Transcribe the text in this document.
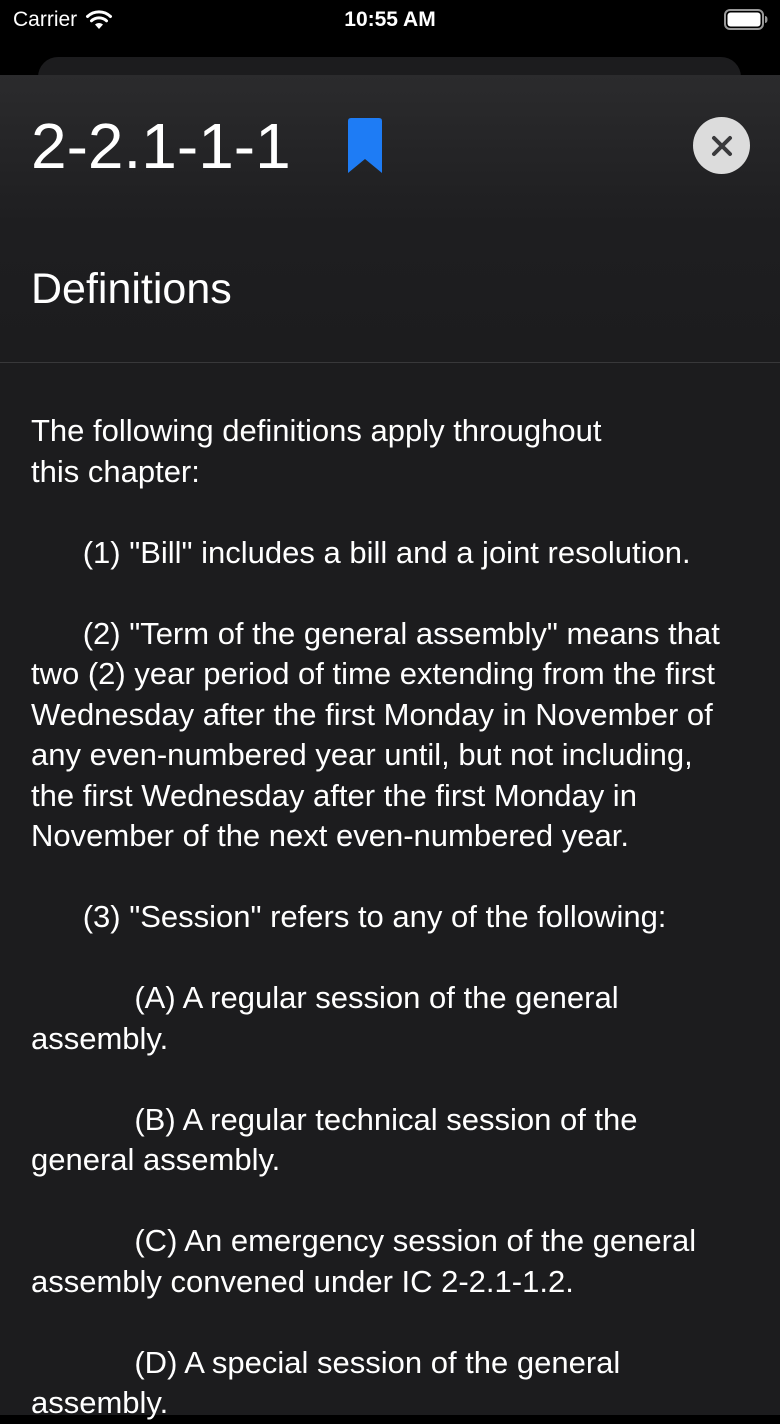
Carrier	10:55 AM
2-2.1-1-1
Definitions

The following definitions apply throughout
this chapter:

(1) "Bill" includes a bill and a joint resolution.

(2) "Term of the general assembly" means that
two (2) year period of time extending from the first
Wednesday after the first Monday in November of
any even-numbered year until, but not including,
the first Wednesday after the first Monday in
November of the next even-numbered year.

(3) "Session" refers to any of the following:

(A) A regular session of the general assembly.

(B) A regular technical session of the
general assembly.

(C) An emergency session of the general
assembly convened under IC 2-2.1-1.2.

(D) A special session of the general assembly.
